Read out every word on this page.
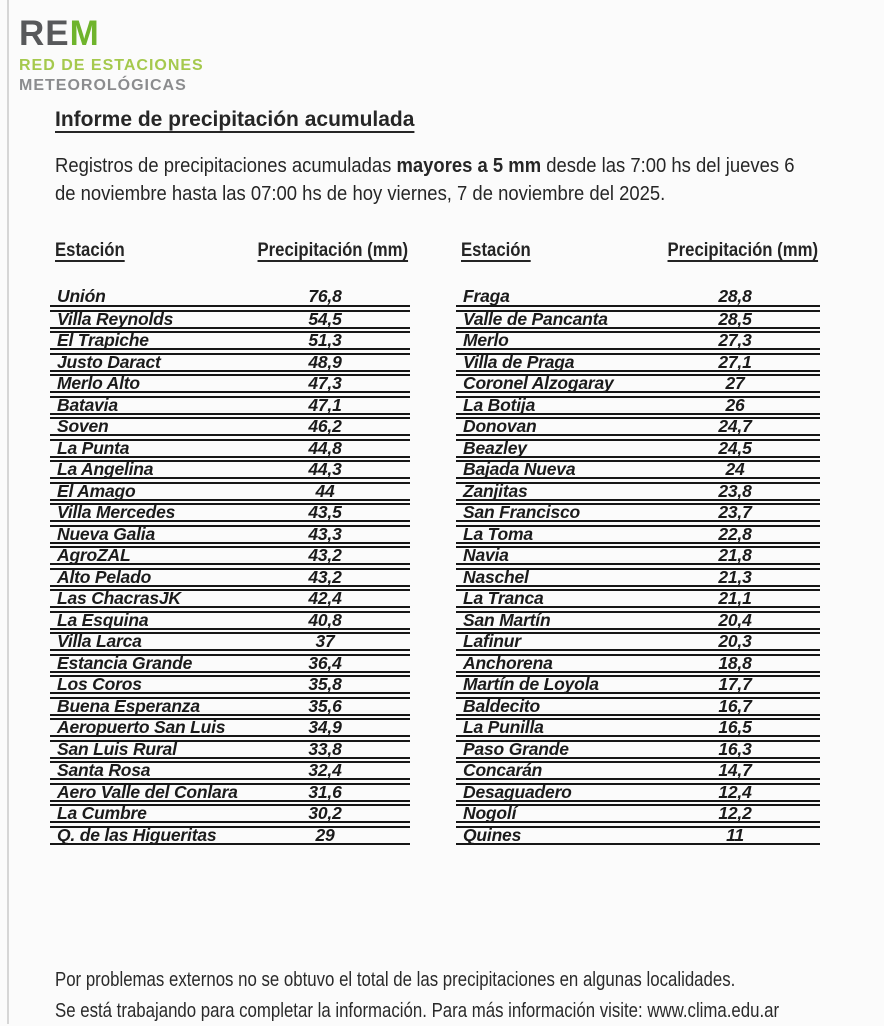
REM
RED DE ESTACIONES
METEOROLÓGICAS
Informe de precipitación acumulada

Registros de precipitaciones acumuladas mayores a 5 mm desde las 7:00 hs del jueves 6
de noviembre hasta las 07:00 hs de hoy viernes, 7 de noviembre del 2025.

Estación	Precipitación (mm)
Unión	76,8
Villa Reynolds	54,5
El Trapiche	51,3
Justo Daract	48,9
Merlo Alto	47,3
Batavia	47,1
Soven	46,2
La Punta	44,8
La Angelina	44,3
El Amago	44
Villa Mercedes	43,5
Nueva Galia	43,3
AgroZAL	43,2
Alto Pelado	43,2
Las ChacrasJK	42,4
La Esquina	40,8
Villa Larca	37
Estancia Grande	36,4
Los Coros	35,8
Buena Esperanza	35,6
Aeropuerto San Luis	34,9
San Luis Rural	33,8
Santa Rosa	32,4
Aero Valle del Conlara	31,6
La Cumbre	30,2
Q. de las Higueritas	29
Estación	Precipitación (mm)
Fraga	28,8
Valle de Pancanta	28,5
Merlo	27,3
Villa de Praga	27,1
Coronel Alzogaray	27
La Botija	26
Donovan	24,7
Beazley	24,5
Bajada Nueva	24
Zanjitas	23,8
San Francisco	23,7
La Toma	22,8
Navia	21,8
Naschel	21,3
La Tranca	21,1
San Martín	20,4
Lafinur	20,3
Anchorena	18,8
Martín de Loyola	17,7
Baldecito	16,7
La Punilla	16,5
Paso Grande	16,3
Concarán	14,7
Desaguadero	12,4
Nogolí	12,2
Quines	11
Por problemas externos no se obtuvo el total de las precipitaciones en algunas localidades.
Se está trabajando para completar la información. Para más información visite: www.clima.edu.ar
